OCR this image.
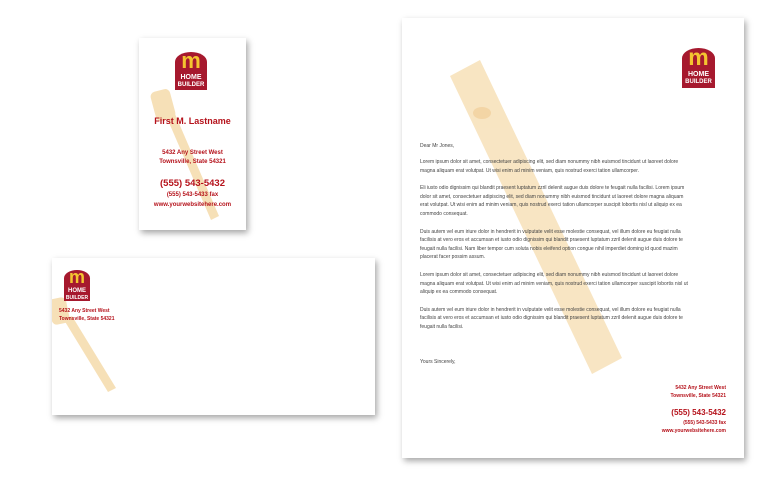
m
HOME
BUILDER
First M. Lastname
5432 Any Street West
Townsville, State 54321
(555) 543-5432
(555) 543-5433 fax
www.yourwebsitehere.com
m
HOME
BUILDER
5432 Any Street West
Townsville, State 54321
m
HOME
BUILDER
Dear Mr Jones,

Lorem ipsum dolor sit amet, consectetuer adipiscing elit, sed diam nonummy nibh euismod tincidunt ut laoreet dolore magna aliquam erat volutpat. Ut wisi enim ad minim veniam, quis nostrud exerci tation ullamcorper.

Eli iusto odio dignissim qui blandit praesent luptatum zzril delenit augue duis dolore te feugait nulla facilisi. Lorem ipsum dolor sit amet, consectetuer adipiscing elit, sed diam nonummy nibh euismod tincidunt ut laoreet dolore magna aliquam erat volutpat. Ut wisi enim ad minim veniam, quis nostrud exerci tation ullamcorper suscipit lobortis nisl ut aliquip ex ea commodo consequat.

Duis autem vel eum iriure dolor in hendrerit in vulputate velit esse molestie consequat, vel illum dolore eu feugiat nulla facilisis at vero eros et accumsan et iusto odio dignissim qui blandit praesent luptatum zzril delenit augue duis dolore te feugait nulla facilisi. Nam liber tempor cum soluta nobis eleifend option congue nihil imperdiet doming id quod mazim placerat facer possim assum.

Lorem ipsum dolor sit amet, consectetuer adipiscing elit, sed diam nonummy nibh euismod tincidunt ut laoreet dolore magna aliquam erat volutpat. Ut wisi enim ad minim veniam, quis nostrud exerci tation ullamcorper suscipit lobortis nisl ut aliquip ex ea commodo consequat.

Duis autem vel eum iriure dolor in hendrerit in vulputate velit esse molestie consequat, vel illum dolore eu feugiat nulla facilisis at vero eros et accumsan et iusto odio dignissim qui blandit praesent luptatum zzril delenit augue duis dolore te feugait nulla facilisi.

Yours Sincerely,
5432 Any Street West
Townsville, State 54321
(555) 543-5432
(555) 543-5433 fax
www.yourwebsitehere.com
